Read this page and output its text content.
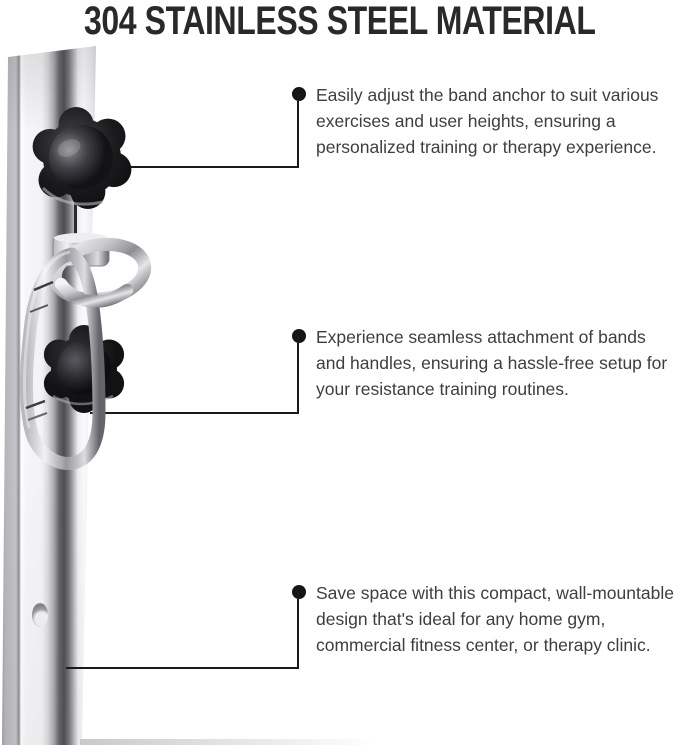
304 STAINLESS STEEL MATERIAL
Easily adjust the band anchor to suit various
exercises and user heights, ensuring a
personalized training or therapy experience.
Experience seamless attachment of bands
and handles, ensuring a hassle-free setup for
your resistance training routines.
Save space with this compact, wall-mountable
design that's ideal for any home gym,
commercial fitness center, or therapy clinic.
